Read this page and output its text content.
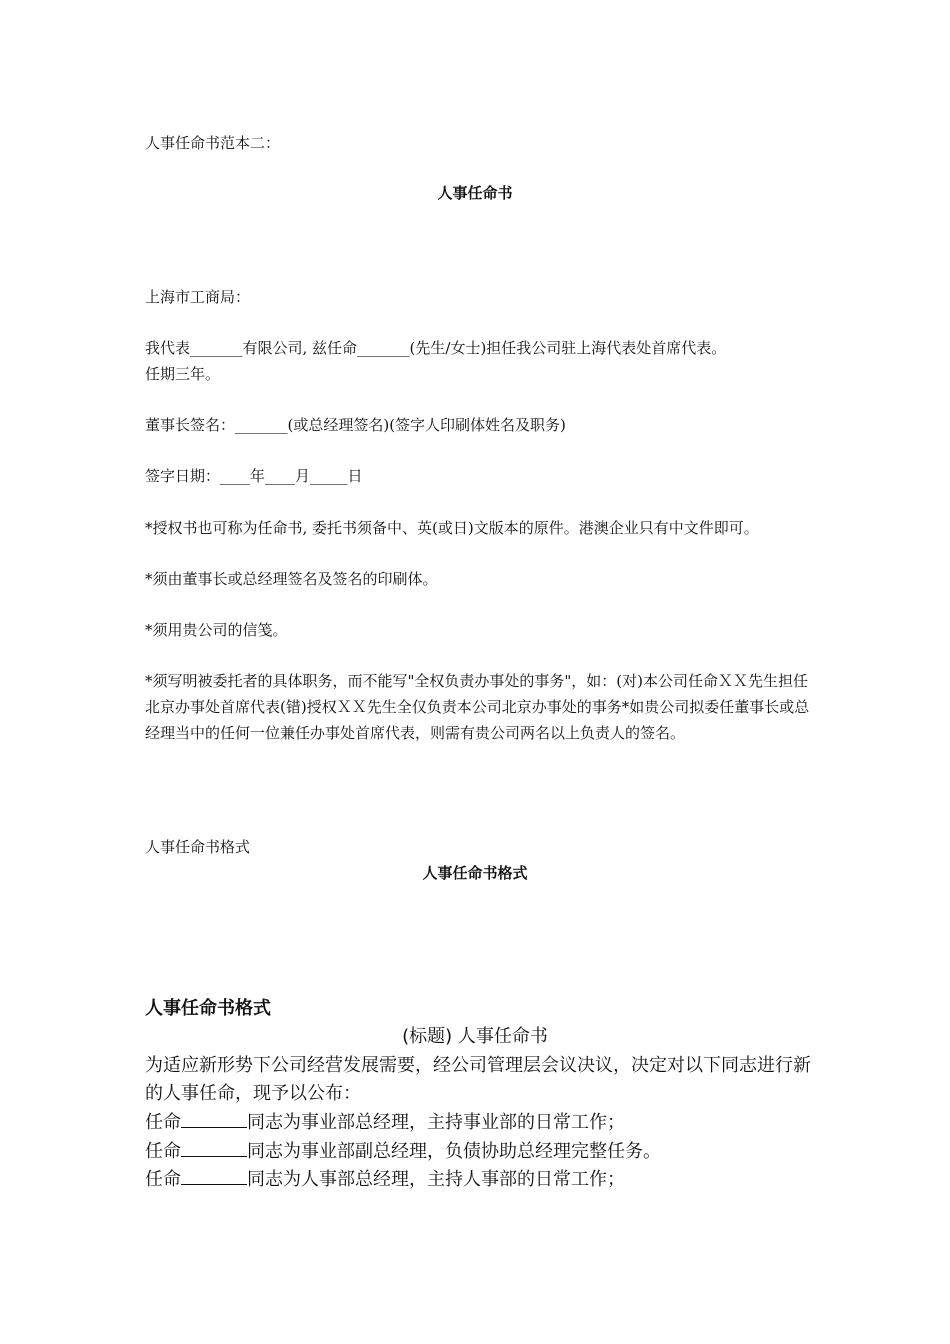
人事任命书范本二：
人事任命书
上海市工商局：
我代表_______有限公司, 兹任命_______(先生/女士)担任我公司驻上海代表处首席代表。
任期三年。
董事长签名：_______(或总经理签名)(签字人印刷体姓名及职务)
签字日期：____年____月_____日
*授权书也可称为任命书, 委托书须备中、英(或日)文版本的原件。港澳企业只有中文件即可。
*须由董事长或总经理签名及签名的印刷体。
*须用贵公司的信笺。
*须写明被委托者的具体职务，而不能写"全权负责办事处的事务"，如：(对)本公司任命ＸＸ先生担任北京办事处首席代表(错)授权ＸＸ先生全仅负责本公司北京办事处的事务*如贵公司拟委任董事长或总经理当中的任何一位兼任办事处首席代表，则需有贵公司两名以上负责人的签名。
人事任命书格式
人事任命书格式
人事任命书格式
(标题) 人事任命书
为适应新形势下公司经营发展需要，经公司管理层会议决议，决定对以下同志进行新的人事任命，现予以公布：
任命	同志为事业部总经理，主持事业部的日常工作；
任命	同志为事业部副总经理，负债协助总经理完整任务。
任命	同志为人事部总经理，主持人事部的日常工作；
